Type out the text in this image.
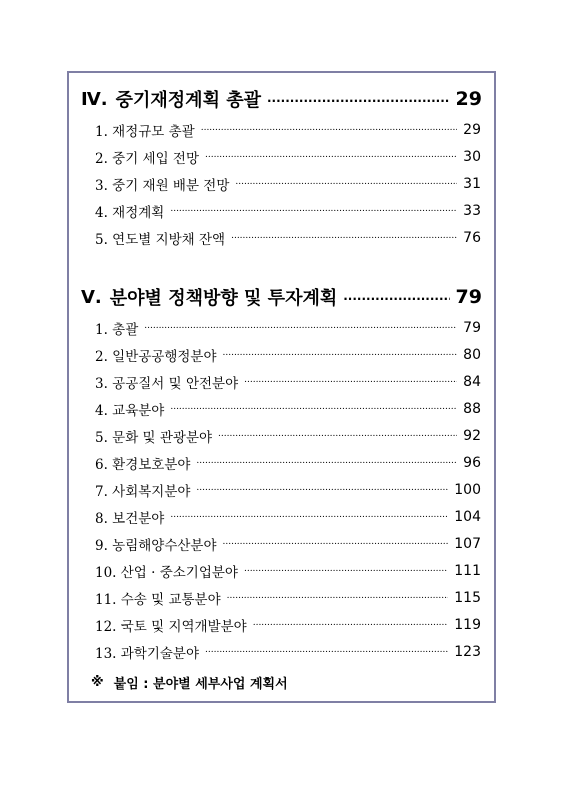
Ⅳ. 중기재정계획 총괄 .....	29
1. 재정규모 총괄 .....	29
2. 중기 세입 전망 .....	30
3. 중기 재원 배분 전망 .....	31
4. 재정계획 .....	33
5. 연도별 지방채 잔액 .....	76
Ⅴ. 분야별 정책방향 및 투자계획 .....	79
1. 총괄 .....	79
2. 일반공공행정분야 .....	80
3. 공공질서 및 안전분야 .....	84
4. 교육분야 .....	88
5. 문화 및 관광분야 .....	92
6. 환경보호분야 .....	96
7. 사회복지분야 .....	100
8. 보건분야 .....	104
9. 농림해양수산분야 .....	107
10. 산업 · 중소기업분야 .....	111
11. 수송 및 교통분야 .....	115
12. 국토 및 지역개발분야 .....	119
13. 과학기술분야 .....	123
※ 붙임 : 분야별 세부사업 계획서
